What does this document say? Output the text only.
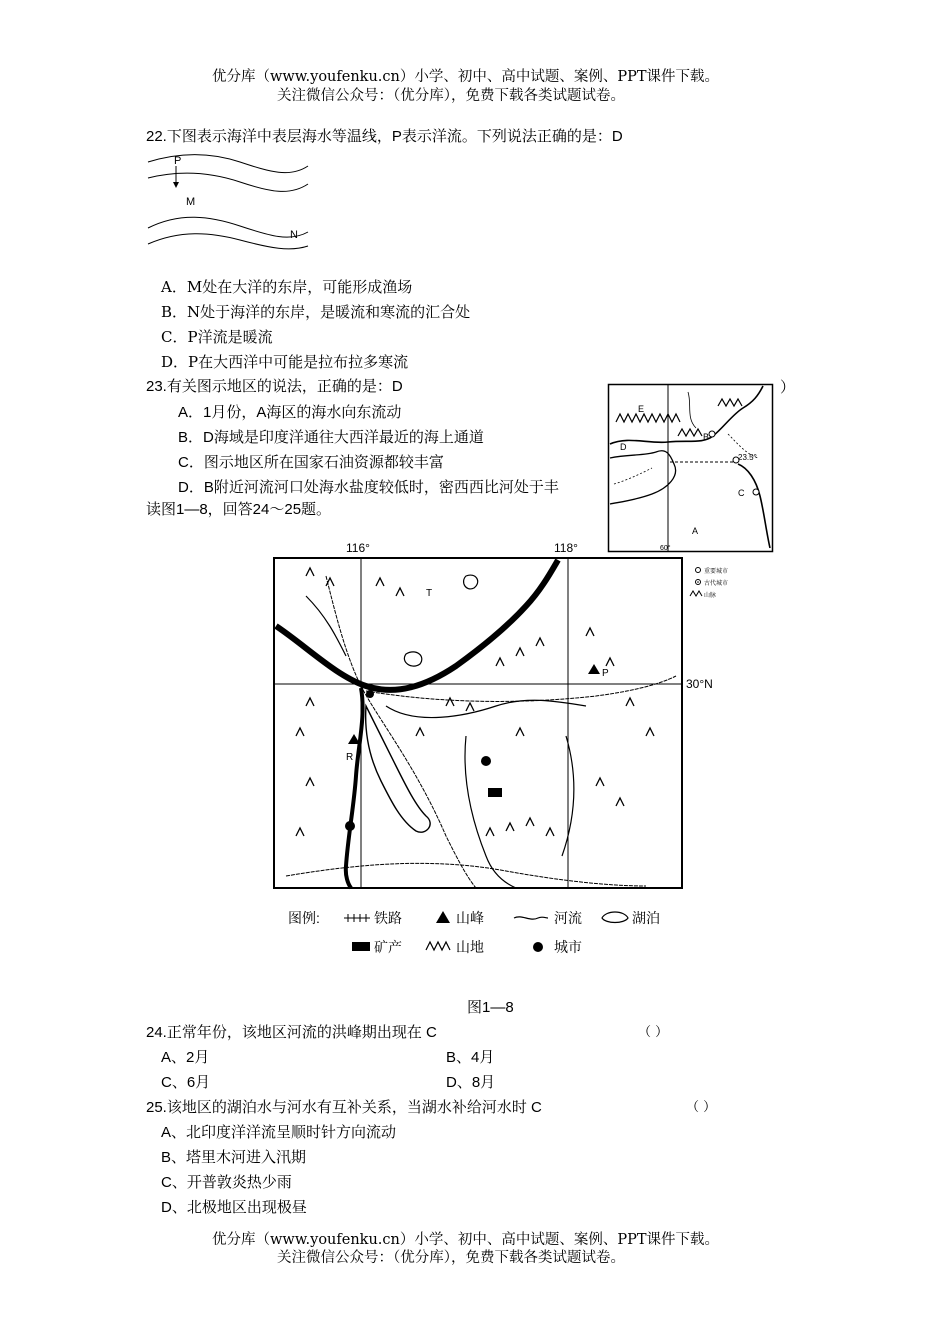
优分库（www.youfenku.cn）小学、初中、高中试题、案例、PPT课件下载。
关注微信公众号：（优分库），免费下载各类试题试卷。
22.下图表示海洋中表层海水等温线，P表示洋流。下列说法正确的是：D
P
M
N
A．M处在大洋的东岸，可能形成渔场
B．N处于海洋的东岸，是暖流和寒流的汇合处
C．P洋流是暖流
D．P在大西洋中可能是拉布拉多寒流
23.有关图示地区的说法，正确的是：D
A．1月份，A海区的海水向东流动
B．D海域是印度洋通往大西洋最近的海上通道
C．图示地区所在国家石油资源都较丰富
D．B附近河流河口处海水盐度较低时，密西西比河处于丰
）
E
B
D
C
A
23.5°
60°
重要城市
古代城市
山脉
读图1—8，回答24～25题。
116°	118°
30°N
P
R
T
图例:	铁路	山峰	河流	湖泊
矿产	山地	城市
图1—8
24.正常年份，该地区河流的洪峰期出现在 C	（ ）
A、2月	B、4月
C、6月	D、8月
25.该地区的湖泊水与河水有互补关系，当湖水补给河水时 C	（ ）
A、北印度洋洋流呈顺时针方向流动
B、塔里木河进入汛期
C、开普敦炎热少雨
D、北极地区出现极昼
优分库（www.youfenku.cn）小学、初中、高中试题、案例、PPT课件下载。
关注微信公众号：（优分库），免费下载各类试题试卷。
